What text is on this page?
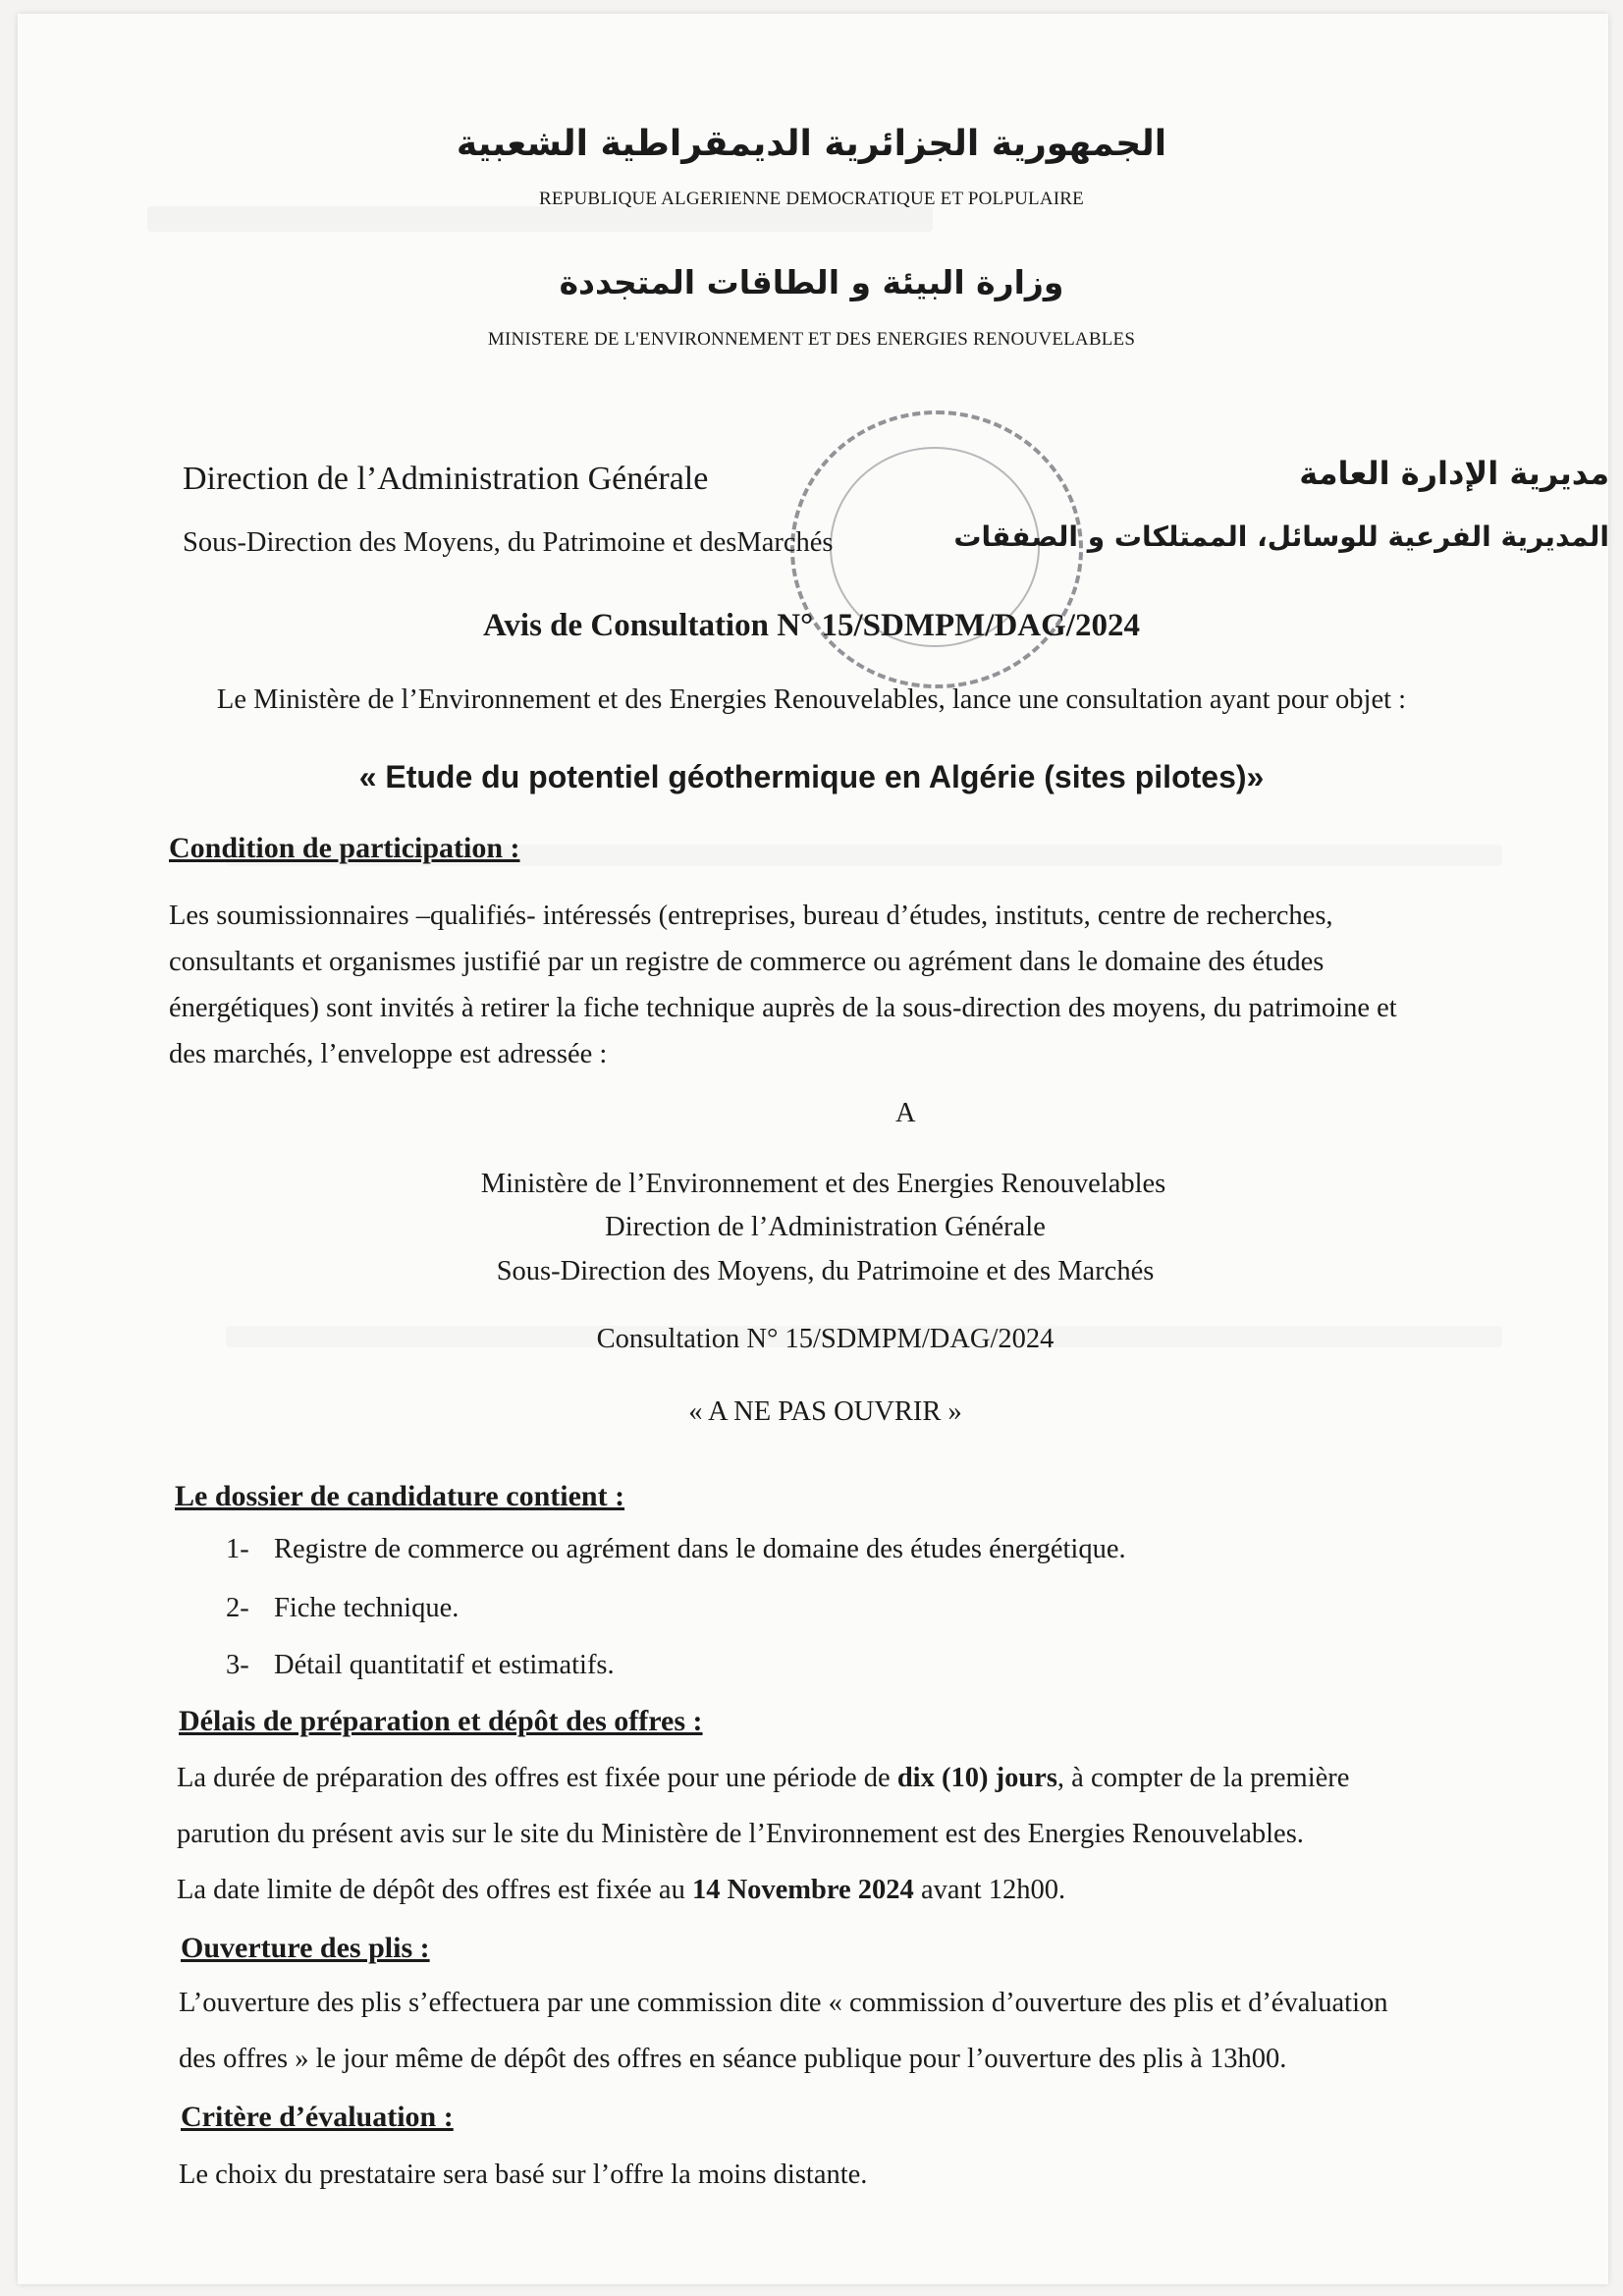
الجمهورية الجزائرية الديمقراطية الشعبية
REPUBLIQUE ALGERIENNE DEMOCRATIQUE ET POLPULAIRE
وزارة البيئة و الطاقات المتجددة
MINISTERE DE L'ENVIRONNEMENT ET DES ENERGIES RENOUVELABLES
Direction de l’Administration Générale	مديرية الإدارة العامة
Sous-Direction des Moyens, du Patrimoine et desMarchés	المديرية الفرعية للوسائل، الممتلكات و الصفقات
Avis de Consultation N° 15/SDMPM/DAG/2024
Le Ministère de l’Environnement et des Energies Renouvelables, lance une consultation ayant pour objet :
« Etude du potentiel géothermique en Algérie (sites pilotes)»
Condition de participation :
Les soumissionnaires –qualifiés- intéressés (entreprises, bureau d’études, instituts, centre de recherches,
consultants et organismes justifié par un registre de commerce ou agrément dans le domaine des études
énergétiques) sont invités à retirer la fiche technique auprès de la sous-direction des moyens, du patrimoine et
des marchés, l’enveloppe est adressée :
A
Ministère de l’Environnement et des Energies Renouvelables
Direction de l’Administration Générale
Sous-Direction des Moyens, du Patrimoine et des Marchés
Consultation N° 15/SDMPM/DAG/2024
« A NE PAS OUVRIR »
Le dossier de candidature contient :
1- Registre de commerce ou agrément dans le domaine des études énergétique.
2- Fiche technique.
3- Détail quantitatif et estimatifs.
Délais de préparation et dépôt des offres :
La durée de préparation des offres est fixée pour une période de dix (10) jours, à compter de la première
parution du présent avis sur le site du Ministère de l’Environnement est des Energies Renouvelables.
La date limite de dépôt des offres est fixée au 14 Novembre 2024 avant 12h00.
Ouverture des plis :
L’ouverture des plis s’effectuera par une commission dite « commission d’ouverture des plis et d’évaluation
des offres » le jour même de dépôt des offres en séance publique pour l’ouverture des plis à 13h00.
Critère d’évaluation :
Le choix du prestataire sera basé sur l’offre la moins distante.
